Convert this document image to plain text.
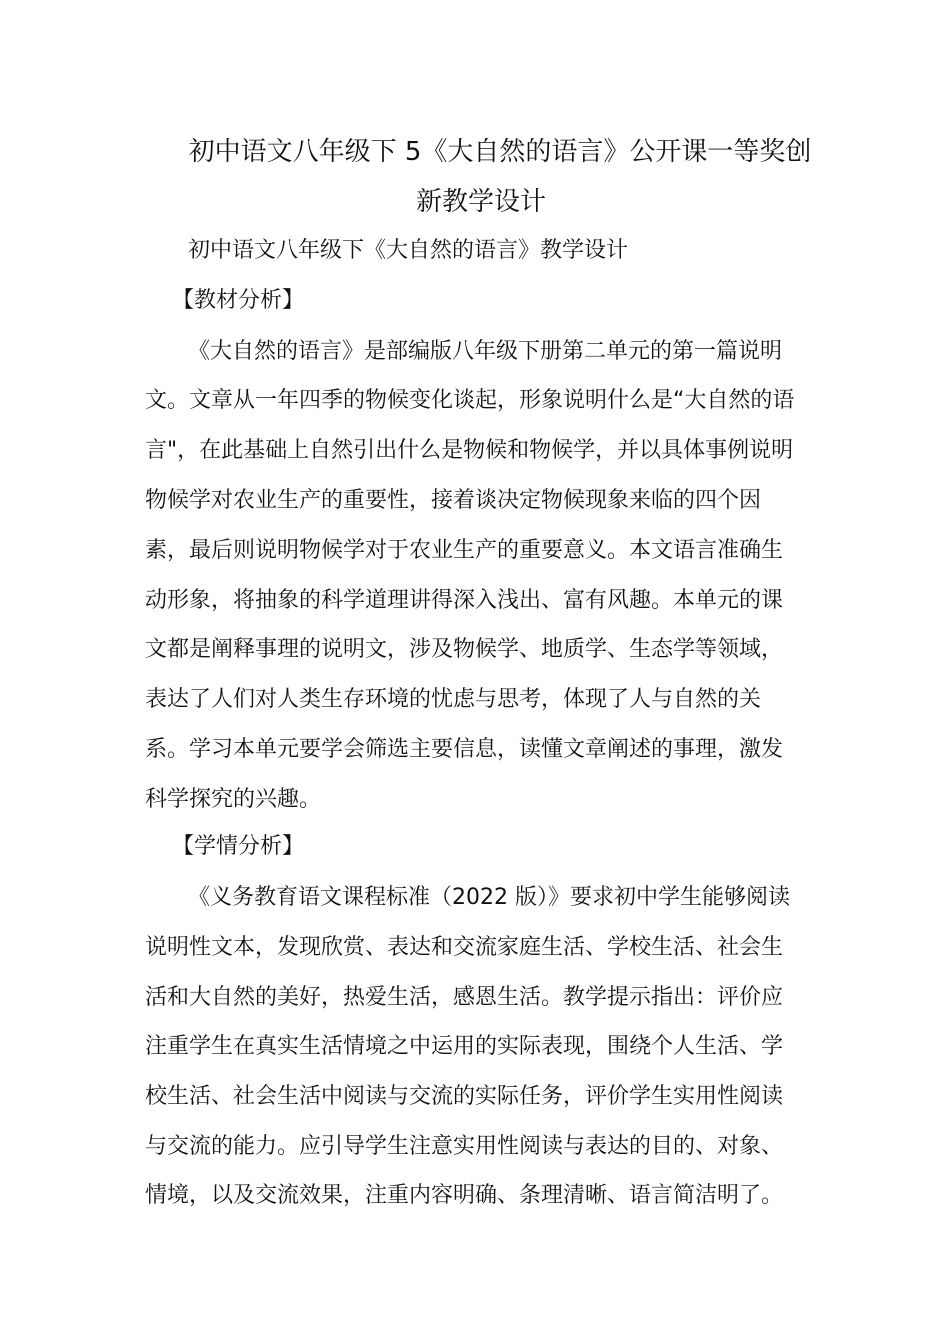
初中语文八年级下 5《大自然的语言》公开课一等奖创
新教学设计
初中语文八年级下《大自然的语言》教学设计
【教材分析】
《大自然的语言》是部编版八年级下册第二单元的第一篇说明
文。文章从一年四季的物候变化谈起，形象说明什么是“大自然的语
言"，在此基础上自然引出什么是物候和物候学，并以具体事例说明
物候学对农业生产的重要性，接着谈决定物候现象来临的四个因
素，最后则说明物候学对于农业生产的重要意义。本文语言准确生
动形象，将抽象的科学道理讲得深入浅出、富有风趣。本单元的课
文都是阐释事理的说明文，涉及物候学、地质学、生态学等领域，
表达了人们对人类生存环境的忧虑与思考，体现了人与自然的关
系。学习本单元要学会筛选主要信息，读懂文章阐述的事理，激发
科学探究的兴趣。
【学情分析】
《义务教育语文课程标准（2022 版）》要求初中学生能够阅读
说明性文本，发现欣赏、表达和交流家庭生活、学校生活、社会生
活和大自然的美好，热爱生活，感恩生活。教学提示指出：评价应
注重学生在真实生活情境之中运用的实际表现，围绕个人生活、学
校生活、社会生活中阅读与交流的实际任务，评价学生实用性阅读
与交流的能力。应引导学生注意实用性阅读与表达的目的、对象、
情境，以及交流效果，注重内容明确、条理清晰、语言简洁明了。
